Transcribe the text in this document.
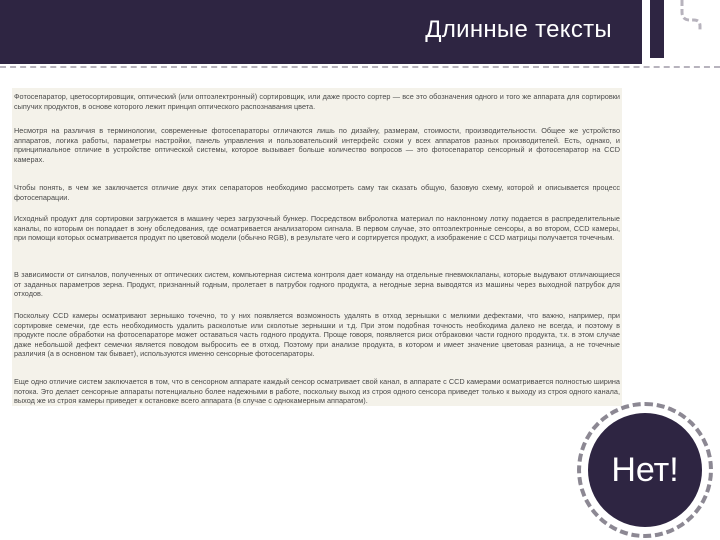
Длинные тексты
Фотосепаратор, цветосортировщик, оптический (или оптоэлектронный) сортировщик, или даже просто сортер — все это обозначения одного и того же аппарата для сортировки сыпучих продуктов, в основе которого лежит принцип оптического распознавания цвета.
Несмотря на различия в терминологии, современные фотосепараторы отличаются лишь по дизайну, размерам, стоимости, производительности. Общее же устройство аппаратов, логика работы, параметры настройки, панель управления и пользовательский интерфейс схожи у всех аппаратов разных производителей. Есть, однако, и принципиальное отличие в устройстве оптической системы, которое вызывает больше количество вопросов — это фотосепаратор сенсорный и фотосепаратор на CCD камерах.
Чтобы понять, в чем же заключается отличие двух этих сепараторов необходимо рассмотреть саму так сказать общую, базовую схему, которой и описывается процесс фотосепарации.
Исходный продукт для сортировки загружается в машину через загрузочный бункер. Посредством вибролотка материал по наклонному лотку подается в распределительные каналы, по которым он попадает в зону обследования, где осматривается анализатором сигнала. В первом случае, это оптоэлектронные сенсоры, а во втором, CCD камеры, при помощи которых осматривается продукт по цветовой модели (обычно RGB), в результате чего и сортируется продукт, а изображение с CCD матрицы получается точечным.
В зависимости от сигналов, полученных от оптических систем, компьютерная система контроля дает команду на отдельные пневмоклапаны, которые выдувают отличающиеся от заданных параметров зерна. Продукт, признанный годным, пролетает в патрубок годного продукта, а негодные зерна выводятся из машины через выходной патрубок для отходов.
Поскольку CCD камеры осматривают зернышко точечно, то у них появляется возможность удалять в отход зернышки с мелкими дефектами, что важно, например, при сортировке семечки, где есть необходимость удалить расколотые или сколотые зернышки и т.д. При этом подобная точность необходима далеко не всегда, и поэтому в продукте после обработки на фотосепараторе может оставаться часть годного продукта. Проще говоря, появляется риск отбраковки части годного продукта, т.к. в этом случае даже небольшой дефект семечки является поводом выбросить ее в отход. Поэтому при анализе продукта, в котором и имеет значение цветовая разница, а не точечные различия (а в основном так бывает), используются именно сенсорные фотосепараторы.
Еще одно отличие систем заключается в том, что в сенсорном аппарате каждый сенсор осматривает свой канал, в аппарате с CCD камерами осматривается полностью ширина потока. Это делает сенсорные аппараты потенциально более надежными в работе, поскольку выход из строя одного сенсора приведет только к выходу из строя одного канала, выход же из строя камеры приведет к остановке всего аппарата (в случае с однокамерным аппаратом).
Нет!
